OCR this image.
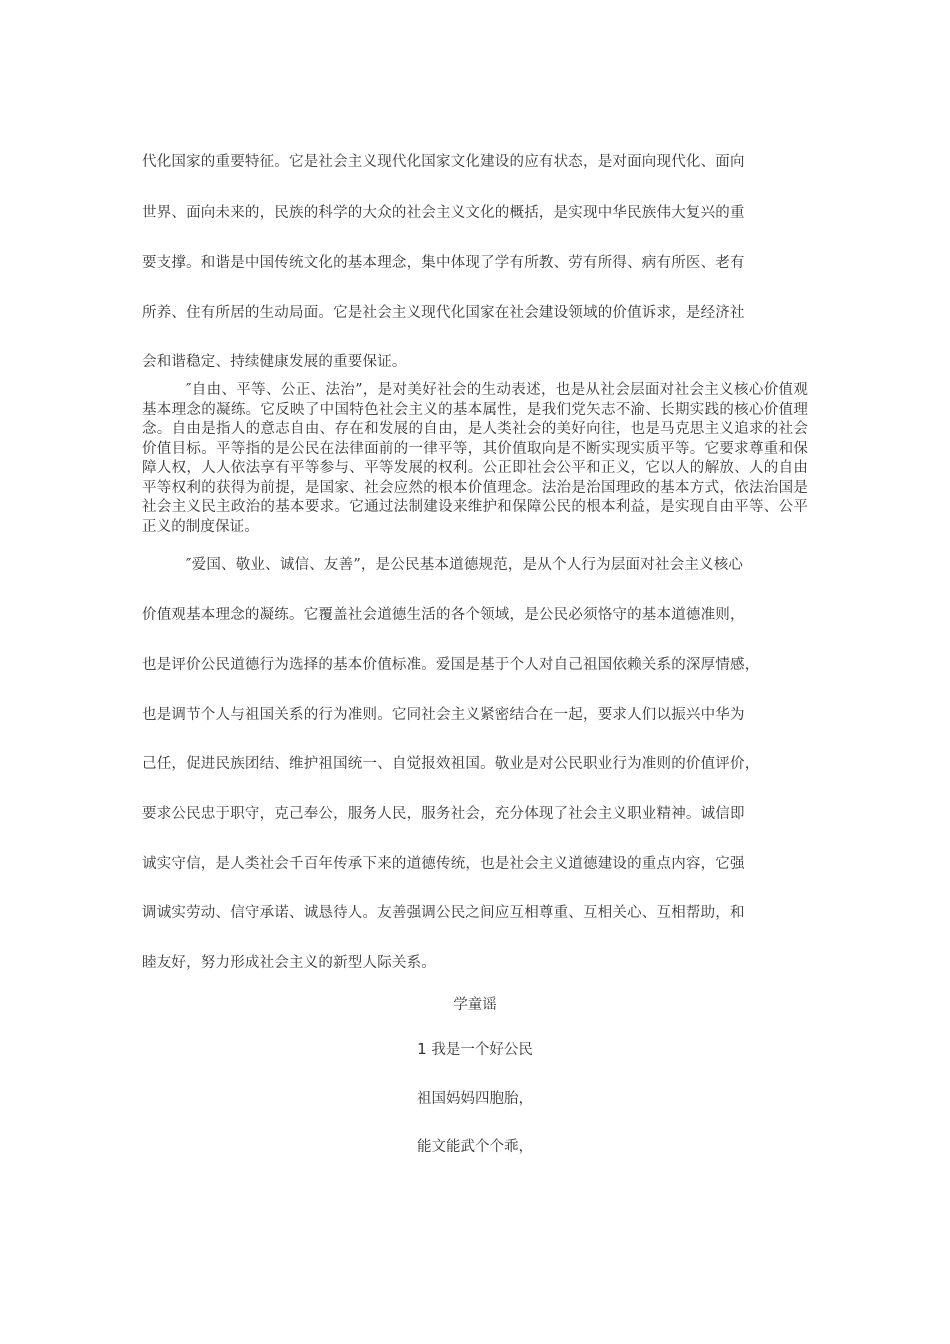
代化国家的重要特征。它是社会主义现代化国家文化建设的应有状态，是对面向现代化、面向
世界、面向未来的，民族的科学的大众的社会主义文化的概括，是实现中华民族伟大复兴的重
要支撑。和谐是中国传统文化的基本理念，集中体现了学有所教、劳有所得、病有所医、老有
所养、住有所居的生动局面。它是社会主义现代化国家在社会建设领域的价值诉求，是经济社
会和谐稳定、持续健康发展的重要保证。
″自由、平等、公正、法治”，是对美好社会的生动表述，也是从社会层面对社会主义核心价值观基本理念的凝练。它反映了中国特色社会主义的基本属性，是我们党矢志不渝、长期实践的核心价值理念。自由是指人的意志自由、存在和发展的自由，是人类社会的美好向往，也是马克思主义追求的社会价值目标。平等指的是公民在法律面前的一律平等，其价值取向是不断实现实质平等。它要求尊重和保障人权，人人依法享有平等参与、平等发展的权利。公正即社会公平和正义，它以人的解放、人的自由平等权利的获得为前提，是国家、社会应然的根本价值理念。法治是治国理政的基本方式，依法治国是社会主义民主政治的基本要求。它通过法制建设来维护和保障公民的根本利益，是实现自由平等、公平正义的制度保证。
″爱国、敬业、诚信、友善”，是公民基本道德规范，是从个人行为层面对社会主义核心
价值观基本理念的凝练。它覆盖社会道德生活的各个领域，是公民必须恪守的基本道德准则，
也是评价公民道德行为选择的基本价值标准。爱国是基于个人对自己祖国依赖关系的深厚情感，
也是调节个人与祖国关系的行为准则。它同社会主义紧密结合在一起，要求人们以振兴中华为
己任，促进民族团结、维护祖国统一、自觉报效祖国。敬业是对公民职业行为准则的价值评价，
要求公民忠于职守，克己奉公，服务人民，服务社会，充分体现了社会主义职业精神。诚信即
诚实守信，是人类社会千百年传承下来的道德传统，也是社会主义道德建设的重点内容，它强
调诚实劳动、信守承诺、诚恳待人。友善强调公民之间应互相尊重、互相关心、互相帮助，和
睦友好，努力形成社会主义的新型人际关系。
学童谣
1 我是一个好公民
祖国妈妈四胞胎，
能文能武个个乖，
